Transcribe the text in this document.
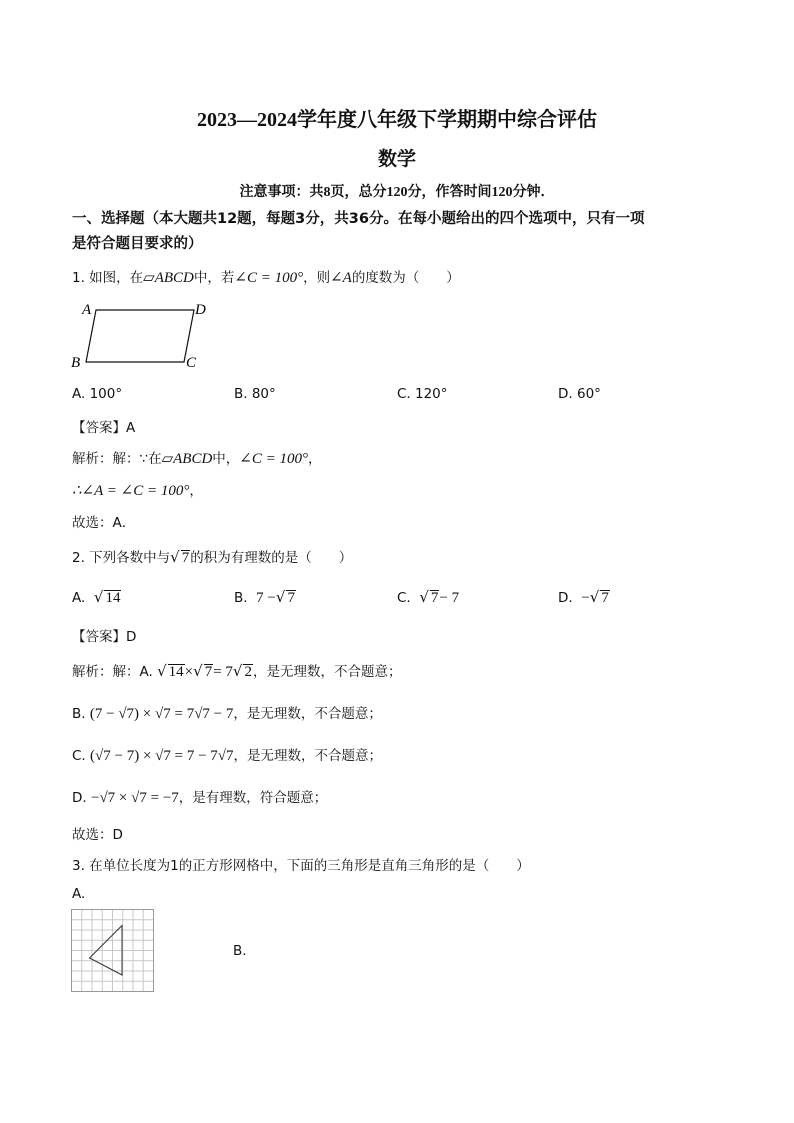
2023—2024学年度八年级下学期期中综合评估
数学
注意事项：共8页，总分120分，作答时间120分钟．
一、选择题（本大题共12题，每题3分，共36分。在每小题给出的四个选项中，只有一项
是符合题目要求的）
1. 如图，在▱ABCD中，若∠C = 100°，则∠A的度数为（　　）
A	D
B	C
A. 100°	B. 80°	C. 120°	D. 60°
【答案】A
解析：解：∵在▱ABCD中，∠C = 100°，
∴∠A = ∠C = 100°，
故选：A．
2. 下列各数中与√ 7的积为有理数的是（　　）
A. √ 14	B. 7 −√ 7	C. √ 7− 7	D. −√ 7
【答案】D
解析：解：A. √ 14×√ 7= 7√ 2，是无理数，不合题意；
B. (7 − √7) × √7 = 7√7 − 7，是无理数，不合题意；
C. (√7 − 7) × √7 = 7 − 7√7，是无理数，不合题意；
D. −√7 × √7 = −7，是有理数，符合题意；
故选：D
3. 在单位长度为1的正方形网格中，下面的三角形是直角三角形的是（　　）
A.
B.
